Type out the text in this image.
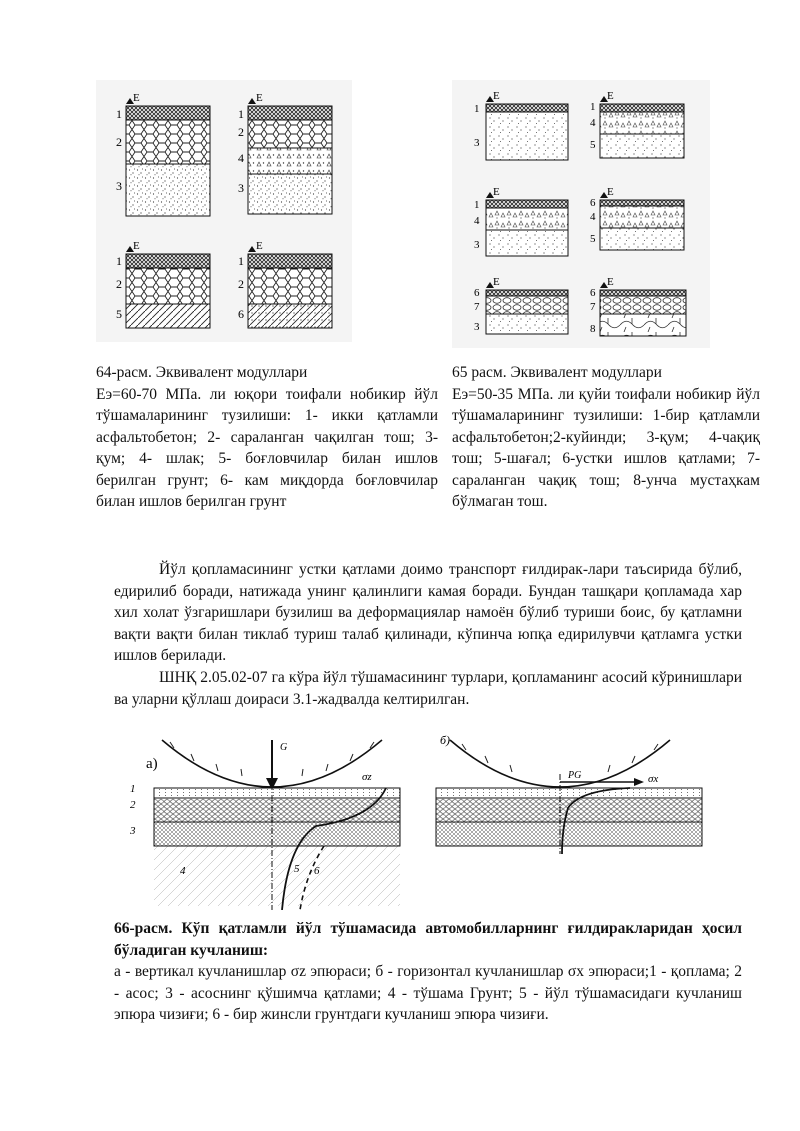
E
1
2
3
E
1
2
4
3
E
1
2
5
E
1
2
6
E
1
3
E
1
4
5
E
1
4
3
E
6
4
5
E
6
7
3
E
6
7
8
64-расм. Эквивалент модуллари
Eэ=60-70 МПа. ли юқори тоифали нобикир йўл тўшамаларининг тузилиши: 1- икки қатламли асфальтобетон; 2- сараланган чақилган тош; 3- қум; 4- шлак; 5- боғловчилар билан ишлов берилган грунт; 6- кам миқдорда боғловчилар билан ишлов берилган грунт
65 расм. Эквивалент модуллари
Eэ=50-35 МПа. ли қуйи тоифали нобикир йўл тўшамаларининг тузилиши: 1-бир қатламли асфальтобетон;2-куйинди; 3-қум; 4-чақиқ тош; 5-шағал; 6-устки ишлов қатлами; 7-сараланган чақиқ тош; 8-унча мустаҳкам бўлмаган тош.

Йўл қопламасининг устки қатлами доимо транспорт ғилдирак-лари таъсирида бўлиб, едирилиб боради, натижада унинг қалинлиги камая боради. Бундан ташқари қопламада хар хил холат ўзгаришлари бузилиш ва деформациялар намоён бўлиб туриши боис, бу қатламни вақти вақти билан тиклаб туриш талаб қилинади, кўпинча юпқа едирилувчи қатламга устки ишлов берилади.

ШНҚ 2.05.02-07 га кўра йўл тўшамасининг турлари, қопламанинг асосий кўринишлари ва уларни қўллаш доираси 3.1-жадвалда келтирилган.

а)
G
σz
1
2
3
4	5 6
б)
PG	σx
66-расм. Кўп қатламли йўл тўшамасида автомобилларнинг ғилдиракларидан ҳосил бўладиган кучланиш:
а - вертикал кучланишлар σz эпюраси; б - горизонтал кучланишлар σx эпюраси;1 - қоплама; 2 - асос; 3 - асоснинг қўшимча қатлами; 4 - тўшама Грунт; 5 - йўл тўшамасидаги кучланиш эпюра чизиғи; 6 - бир жинсли грунтдаги кучланиш эпюра чизиғи.
